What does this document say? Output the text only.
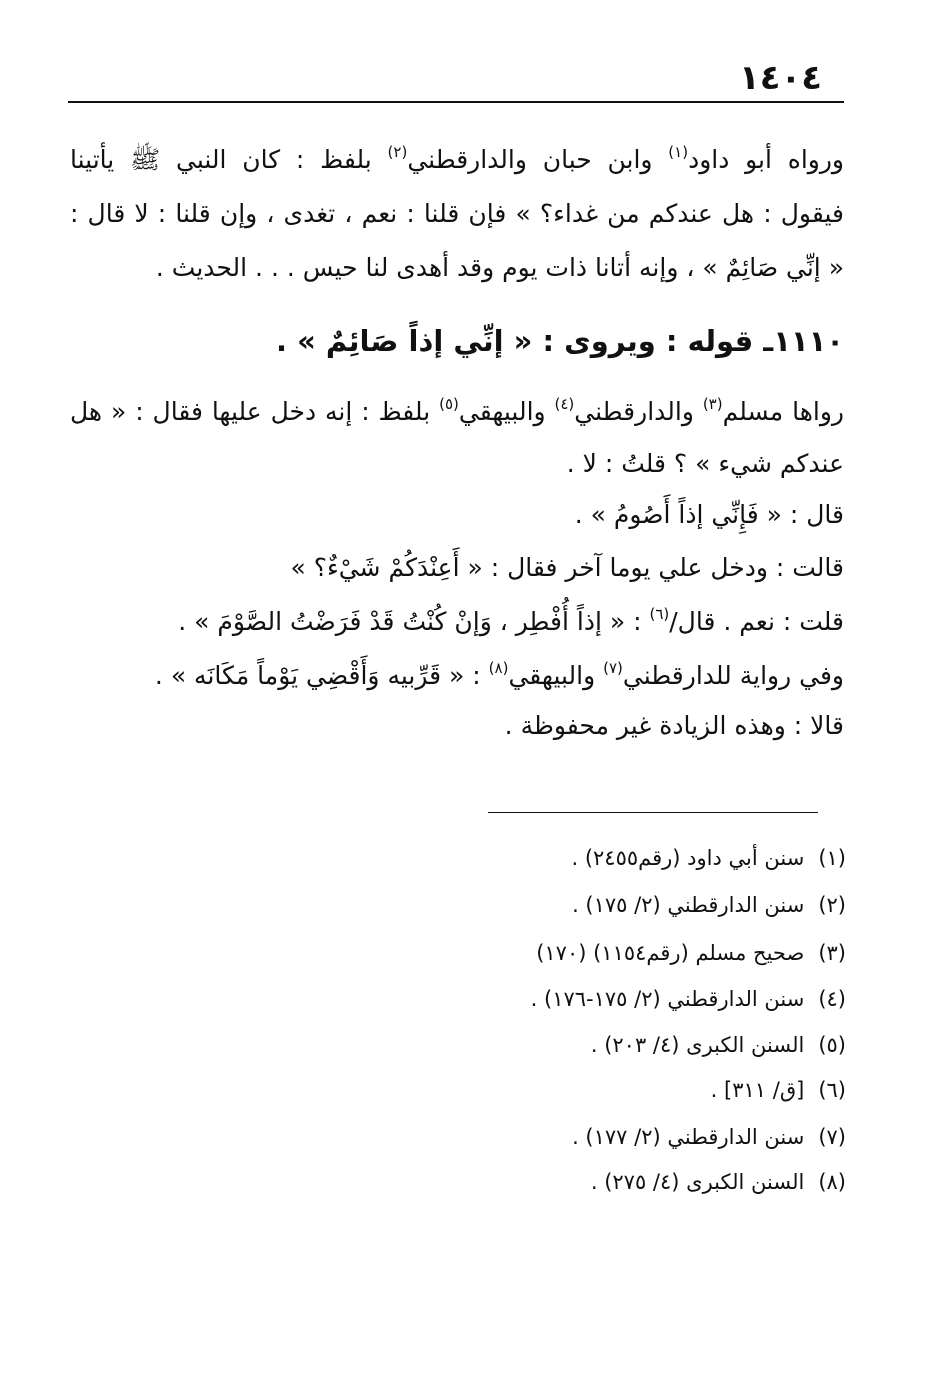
١٤٠٤
ورواه أبو داود$^{(١)}$ وابن حبان والدارقطني$^{(٢)}$ بلفظ : كان النبي ﷺ يأتينا
فيقول : هل عندكم من غداء؟ » فإن قلنا : نعم ، تغدى ، وإن قلنا : لا قال :
« إنِّي صَائِمٌ » ، وإنه أتانا ذات يوم وقد أهدى لنا حيس . . . الحديث .
١١١٠ـ قوله : ويروى : « إنِّي إذاً صَائِمٌ » .
رواها مسلم$^{(٣)}$ والدارقطني$^{(٤)}$ والبيهقي$^{(٥)}$ بلفظ : إنه دخل عليها فقال : « هل
عندكم شيء » ؟ قلتُ : لا .
قال : « فَإِنِّي إذاً أَصُومُ » .
قالت : ودخل علي يوما آخر فقال : « أَعِنْدَكُمْ شَيْءٌ؟ »
قلت : نعم . قال/$^{(٦)}$ : « إذاً أُفْطِر ، وَإنْ كُنْتُ قَدْ فَرَضْتُ الصَّوْمَ » .
وفي رواية للدارقطني$^{(٧)}$ والبيهقي$^{(٨)}$ : « قَرِّبيه وَأَقْضِي يَوْماً مَكَانَه » .
قالا : وهذه الزيادة غير محفوظة .
(١)سنن أبي داود (رقم٢٤٥٥) .
(٢)سنن الدارقطني (٢/ ١٧٥) .
(٣)صحيح مسلم (رقم١١٥٤) (١٧٠)
(٤)سنن الدارقطني (٢/ ١٧٥-١٧٦) .
(٥)السنن الكبرى (٤/ ٢٠٣) .
(٦)[ق/ ٣١١] .
(٧)سنن الدارقطني (٢/ ١٧٧) .
(٨)السنن الكبرى (٤/ ٢٧٥) .
